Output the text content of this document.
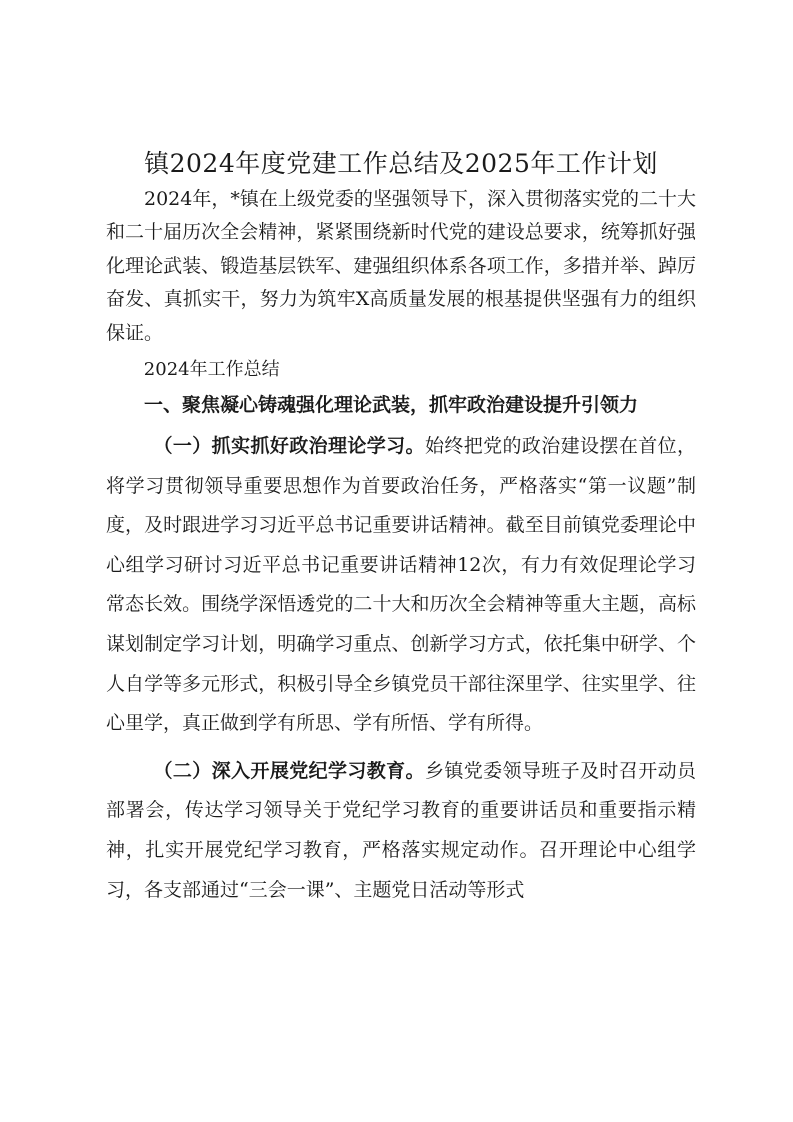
镇2024年度党建工作总结及2025年工作计划

2024年，*镇在上级党委的坚强领导下，深入贯彻落实党的二十大和二十届历次全会精神，紧紧围绕新时代党的建设总要求，统筹抓好强化理论武装、锻造基层铁军、建强组织体系各项工作，多措并举、踔厉奋发、真抓实干，努力为筑牢X高质量发展的根基提供坚强有力的组织保证。

2024年工作总结

一、聚焦凝心铸魂强化理论武装，抓牢政治建设提升引领力

（一）抓实抓好政治理论学习。始终把党的政治建设摆在首位，将学习贯彻领导重要思想作为首要政治任务，严格落实“第一议题”制度，及时跟进学习习近平总书记重要讲话精神。截至目前镇党委理论中心组学习研讨习近平总书记重要讲话精神12次，有力有效促理论学习常态长效。围绕学深悟透党的二十大和历次全会精神等重大主题，高标谋划制定学习计划，明确学习重点、创新学习方式，依托集中研学、个人自学等多元形式，积极引导全乡镇党员干部往深里学、往实里学、往心里学，真正做到学有所思、学有所悟、学有所得。

（二）深入开展党纪学习教育。乡镇党委领导班子及时召开动员部署会，传达学习领导关于党纪学习教育的重要讲话员和重要指示精神，扎实开展党纪学习教育，严格落实规定动作。召开理论中心组学习，各支部通过“三会一课”、主题党日活动等形式
